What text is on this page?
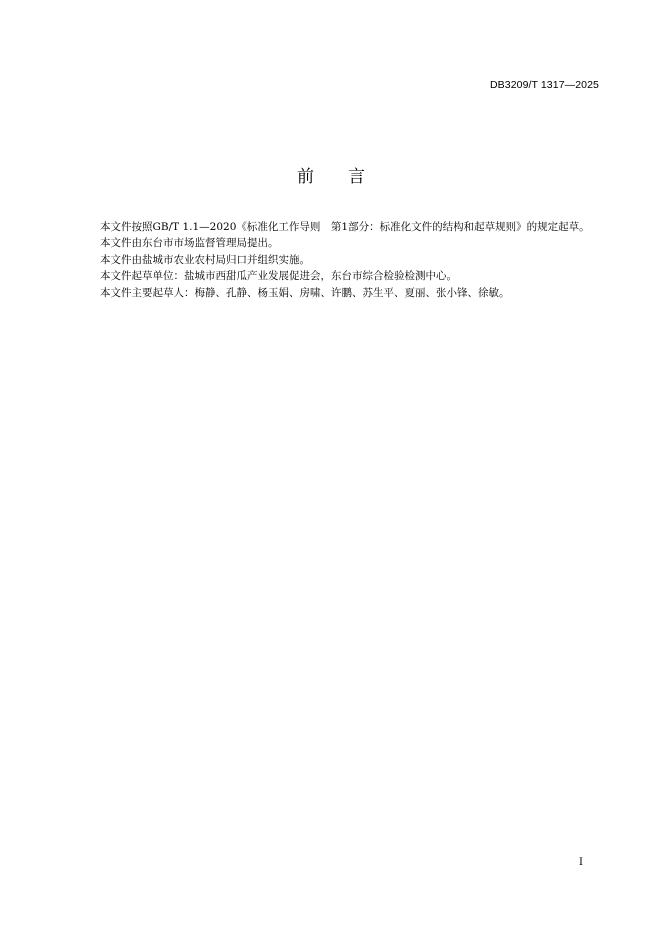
DB3209/T 1317—2025
前　　言

本文件按照GB/T 1.1—2020《标准化工作导则　第1部分：标准化文件的结构和起草规则》的规定起草。

本文件由东台市市场监督管理局提出。

本文件由盐城市农业农村局归口并组织实施。

本文件起草单位：盐城市西甜瓜产业发展促进会，东台市综合检验检测中心。

本文件主要起草人：梅静、孔静、杨玉娟、房啸、许鹏、苏生平、夏丽、张小锋、徐敏。

I
